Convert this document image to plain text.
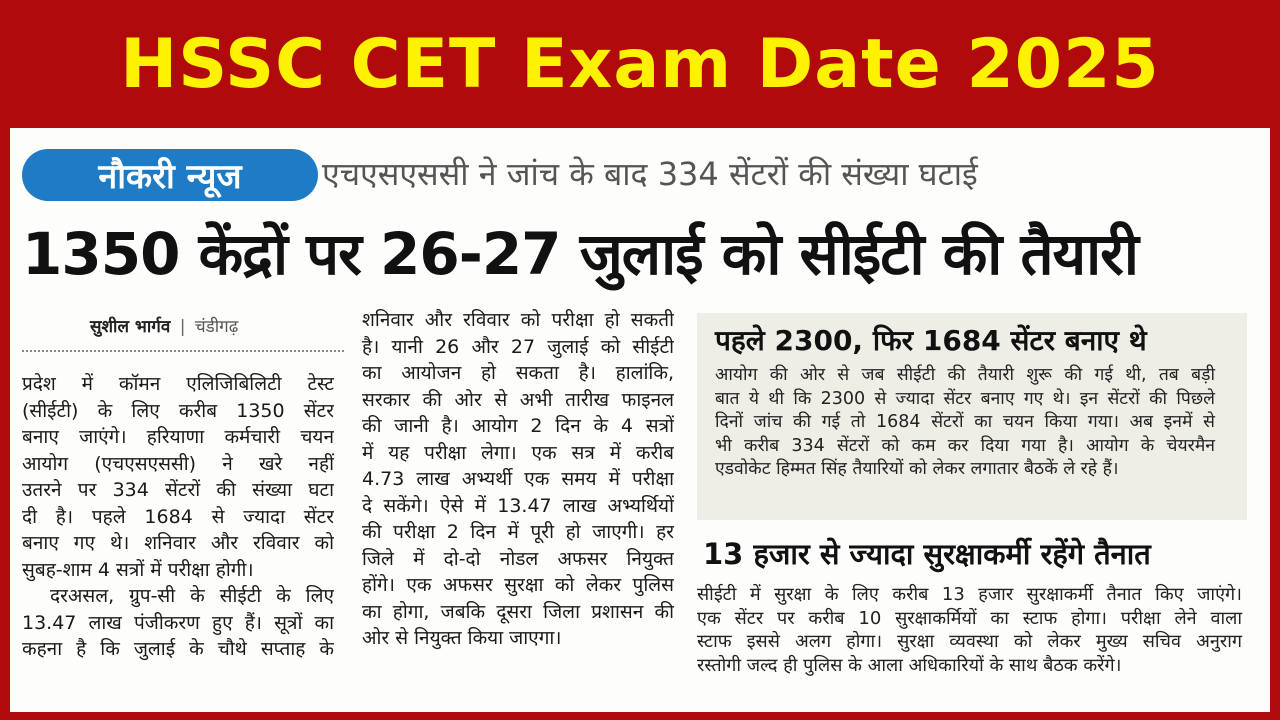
HSSC CET Exam Date 2025
नौकरी न्यूज	एचएसएससी ने जांच के बाद 334 सेंटरों की संख्या घटाई
1350 केंद्रों पर 26-27 जुलाई को सीईटी की तैयारी
सुशील भार्गव | चंडीगढ़
प्रदेश में कॉमन एलिजिबिलिटी टेस्ट
(सीईटी) के लिए करीब 1350 सेंटर
बनाए जाएंगे। हरियाणा कर्मचारी चयन
आयोग (एचएसएससी) ने खरे नहीं
उतरने पर 334 सेंटरों की संख्या घटा
दी है। पहले 1684 से ज्यादा सेंटर
बनाए गए थे। शनिवार और रविवार को
सुबह-शाम 4 सत्रों में परीक्षा होगी।
दरअसल, ग्रुप-सी के सीईटी के लिए
13.47 लाख पंजीकरण हुए हैं। सूत्रों का
कहना है कि जुलाई के चौथे सप्ताह के
शनिवार और रविवार को परीक्षा हो सकती
है। यानी 26 और 27 जुलाई को सीईटी
का आयोजन हो सकता है। हालांकि,
सरकार की ओर से अभी तारीख फाइनल
की जानी है। आयोग 2 दिन के 4 सत्रों
में यह परीक्षा लेगा। एक सत्र में करीब
4.73 लाख अभ्यर्थी एक समय में परीक्षा
दे सकेंगे। ऐसे में 13.47 लाख अभ्यर्थियों
की परीक्षा 2 दिन में पूरी हो जाएगी। हर
जिले में दो-दो नोडल अफसर नियुक्त
होंगे। एक अफसर सुरक्षा को लेकर पुलिस
का होगा, जबकि दूसरा जिला प्रशासन की
ओर से नियुक्त किया जाएगा।
पहले 2300, फिर 1684 सेंटर बनाए थे
आयोग की ओर से जब सीईटी की तैयारी शुरू की गई थी, तब बड़ी
बात ये थी कि 2300 से ज्यादा सेंटर बनाए गए थे। इन सेंटरों की पिछले
दिनों जांच की गई तो 1684 सेंटरों का चयन किया गया। अब इनमें से
भी करीब 334 सेंटरों को कम कर दिया गया है। आयोग के चेयरमैन
एडवोकेट हिम्मत सिंह तैयारियों को लेकर लगातार बैठकें ले रहे हैं।
13 हजार से ज्यादा सुरक्षाकर्मी रहेंगे तैनात
सीईटी में सुरक्षा के लिए करीब 13 हजार सुरक्षाकर्मी तैनात किए जाएंगे।
एक सेंटर पर करीब 10 सुरक्षाकर्मियों का स्टाफ होगा। परीक्षा लेने वाला
स्टाफ इससे अलग होगा। सुरक्षा व्यवस्था को लेकर मुख्य सचिव अनुराग
रस्तोगी जल्द ही पुलिस के आला अधिकारियों के साथ बैठक करेंगे।
